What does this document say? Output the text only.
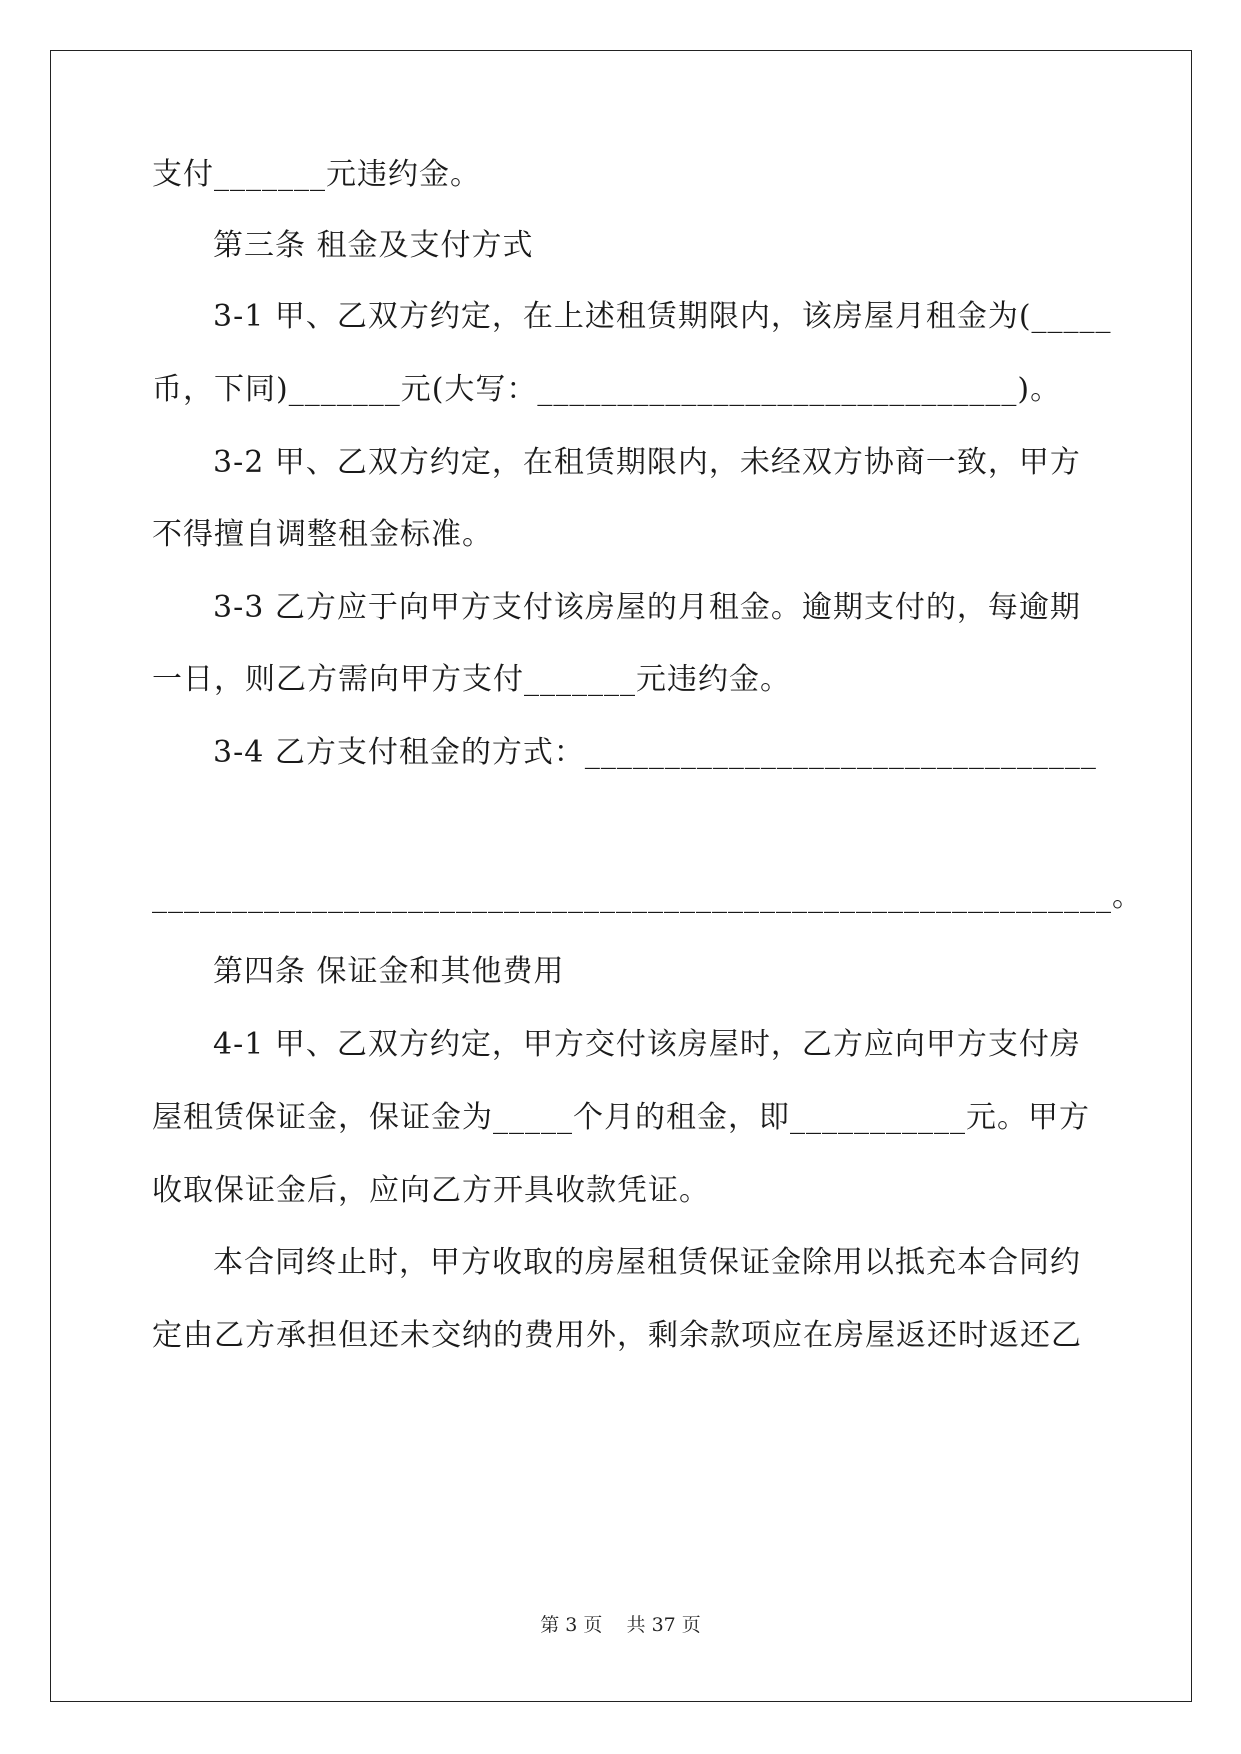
支付_______元违约金。
第三条 租金及支付方式
3-1 甲、乙双方约定，在上述租赁期限内，该房屋月租金为(_____
币，下同)_______元(大写：______________________________)。
3-2 甲、乙双方约定，在租赁期限内，未经双方协商一致，甲方
不得擅自调整租金标准。
3-3 乙方应于向甲方支付该房屋的月租金。逾期支付的，每逾期
一日，则乙方需向甲方支付_______元违约金。
3-4 乙方支付租金的方式：________________________________
____________________________________________________________。
第四条 保证金和其他费用
4-1 甲、乙双方约定，甲方交付该房屋时，乙方应向甲方支付房
屋租赁保证金，保证金为_____个月的租金，即___________元。甲方
收取保证金后，应向乙方开具收款凭证。
本合同终止时，甲方收取的房屋租赁保证金除用以抵充本合同约
定由乙方承担但还未交纳的费用外，剩余款项应在房屋返还时返还乙
第 3 页    共 37 页
